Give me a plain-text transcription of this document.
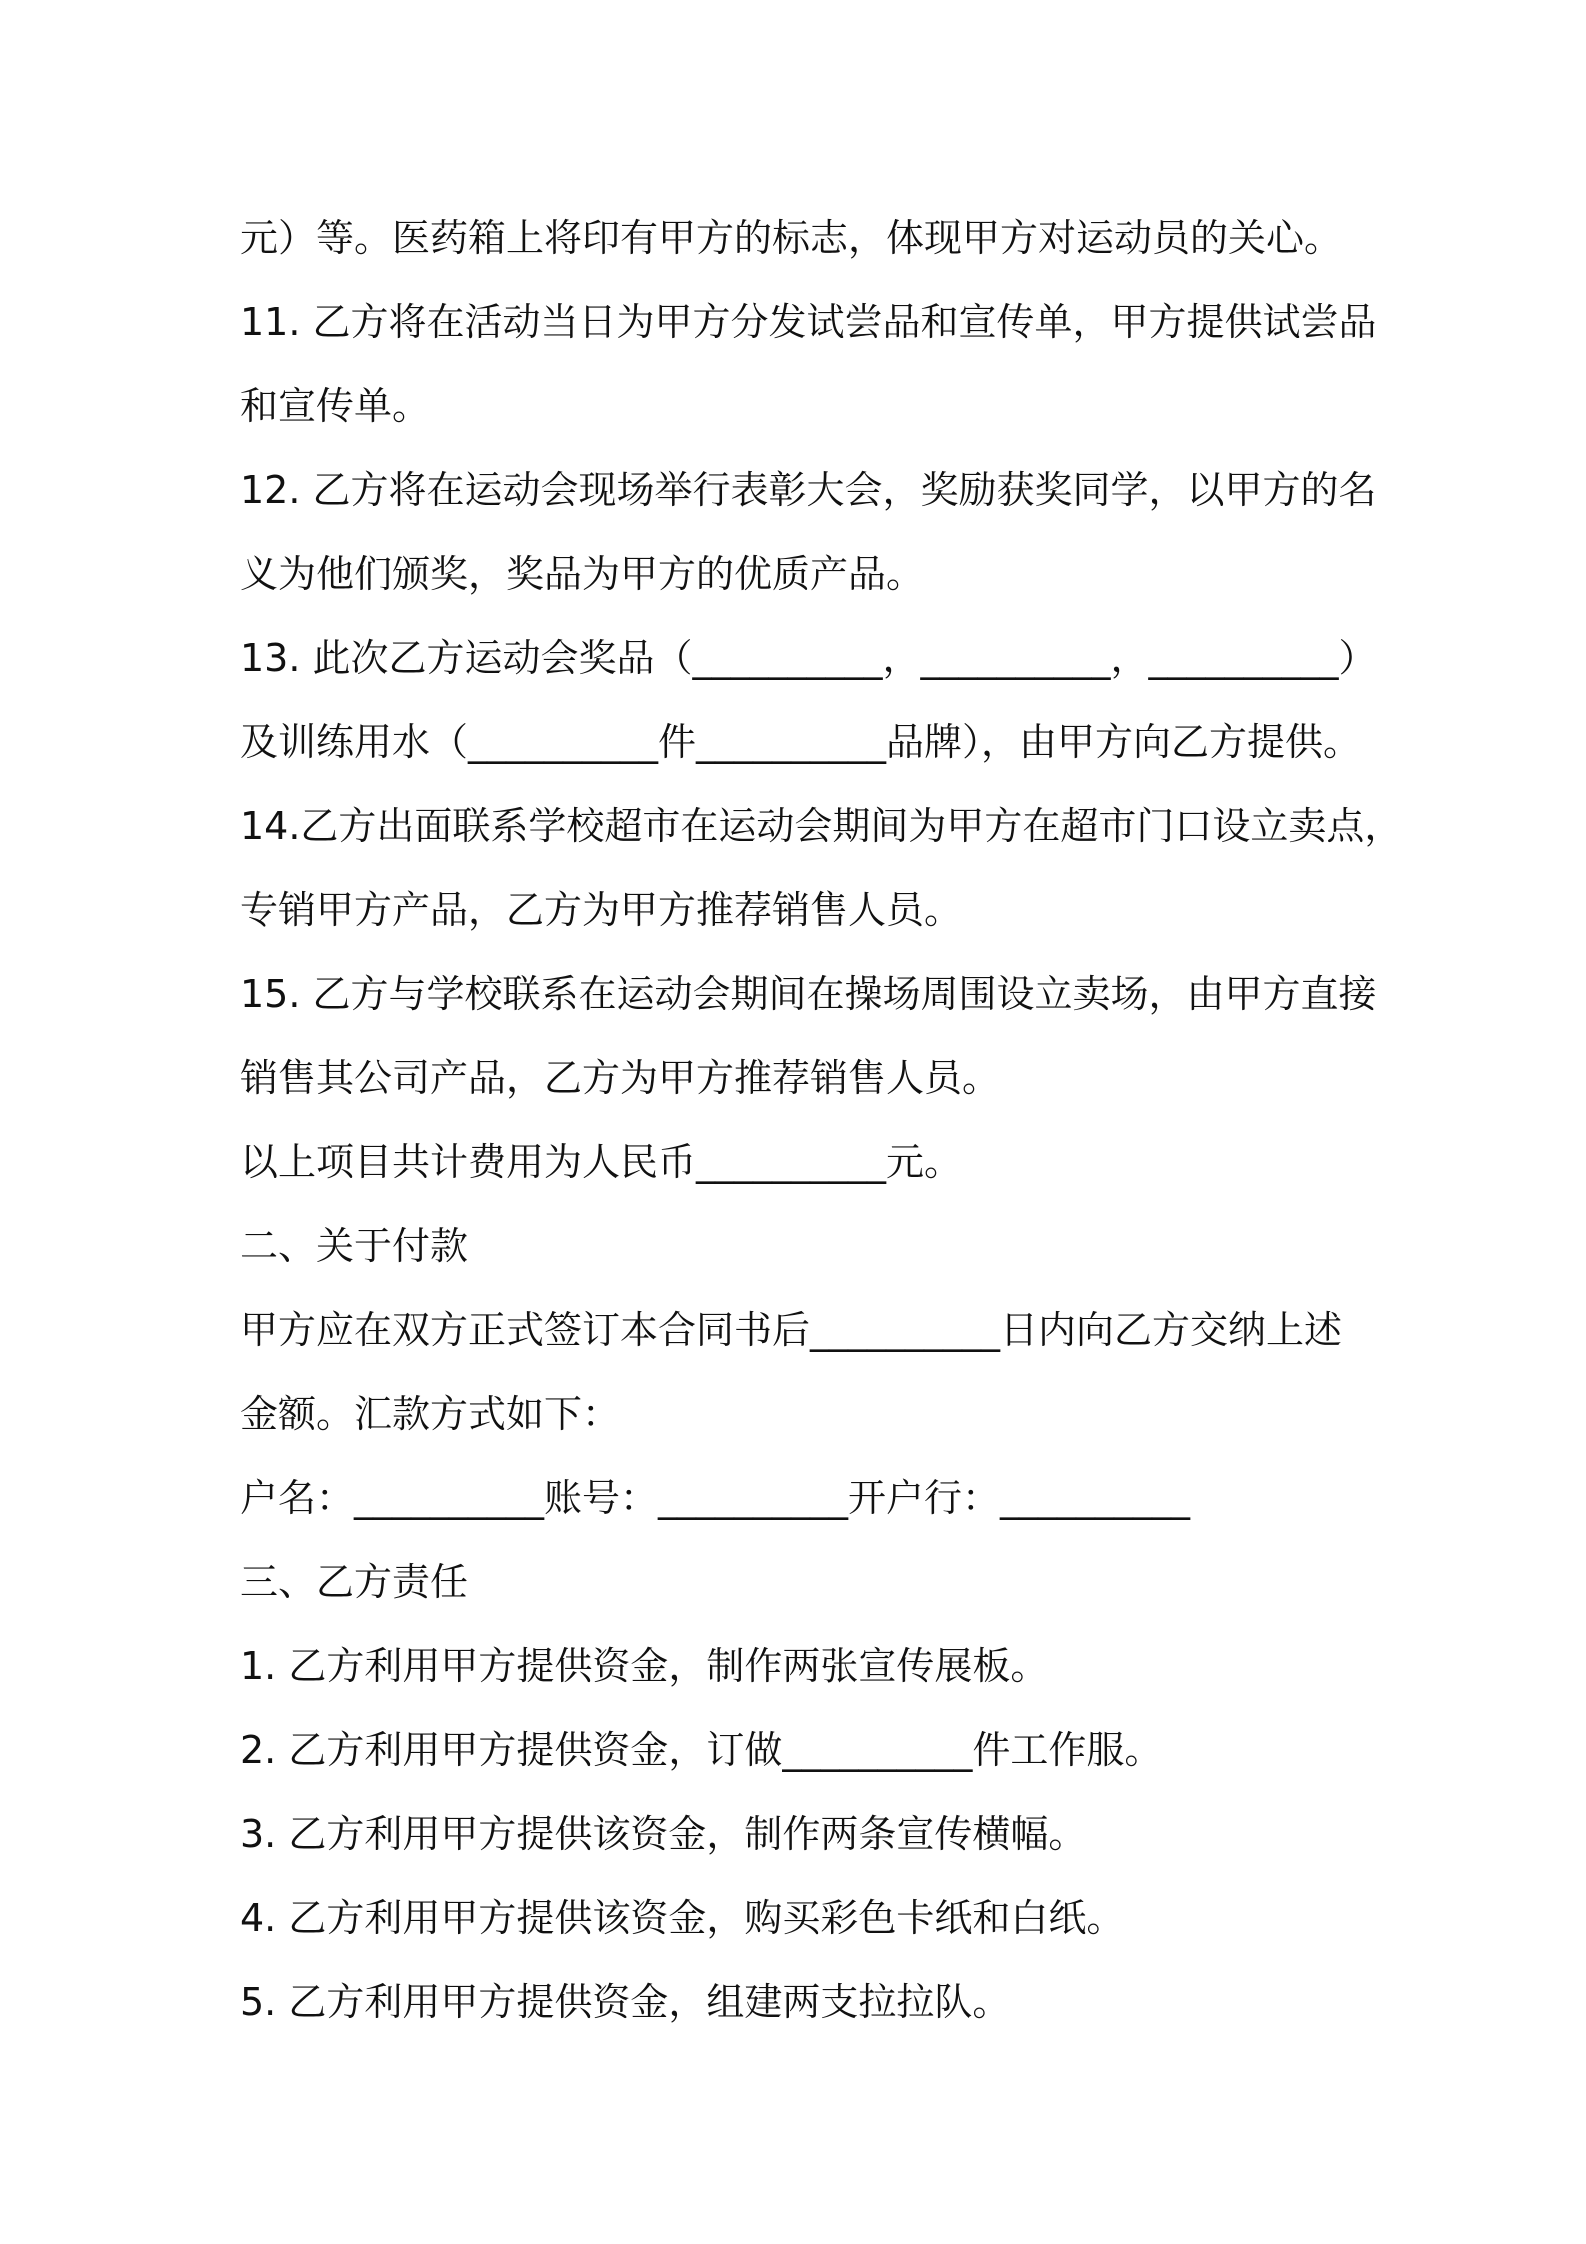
元）等。医药箱上将印有甲方的标志，体现甲方对运动员的关心。
11. 乙方将在活动当日为甲方分发试尝品和宣传单，甲方提供试尝品
和宣传单。
12. 乙方将在运动会现场举行表彰大会，奖励获奖同学，以甲方的名
义为他们颁奖，奖品为甲方的优质产品。
13. 此次乙方运动会奖品（__________，__________，__________）
及训练用水（__________件__________品牌），由甲方向乙方提供。
14.乙方出面联系学校超市在运动会期间为甲方在超市门口设立卖点，
专销甲方产品，乙方为甲方推荐销售人员。
15. 乙方与学校联系在运动会期间在操场周围设立卖场，由甲方直接
销售其公司产品，乙方为甲方推荐销售人员。
以上项目共计费用为人民币__________元。
二、关于付款
甲方应在双方正式签订本合同书后__________日内向乙方交纳上述
金额。汇款方式如下：
户名：__________账号：__________开户行：__________
三、乙方责任
1. 乙方利用甲方提供资金，制作两张宣传展板。
2. 乙方利用甲方提供资金，订做__________件工作服。
3. 乙方利用甲方提供该资金，制作两条宣传横幅。
4. 乙方利用甲方提供该资金，购买彩色卡纸和白纸。
5. 乙方利用甲方提供资金，组建两支拉拉队。
